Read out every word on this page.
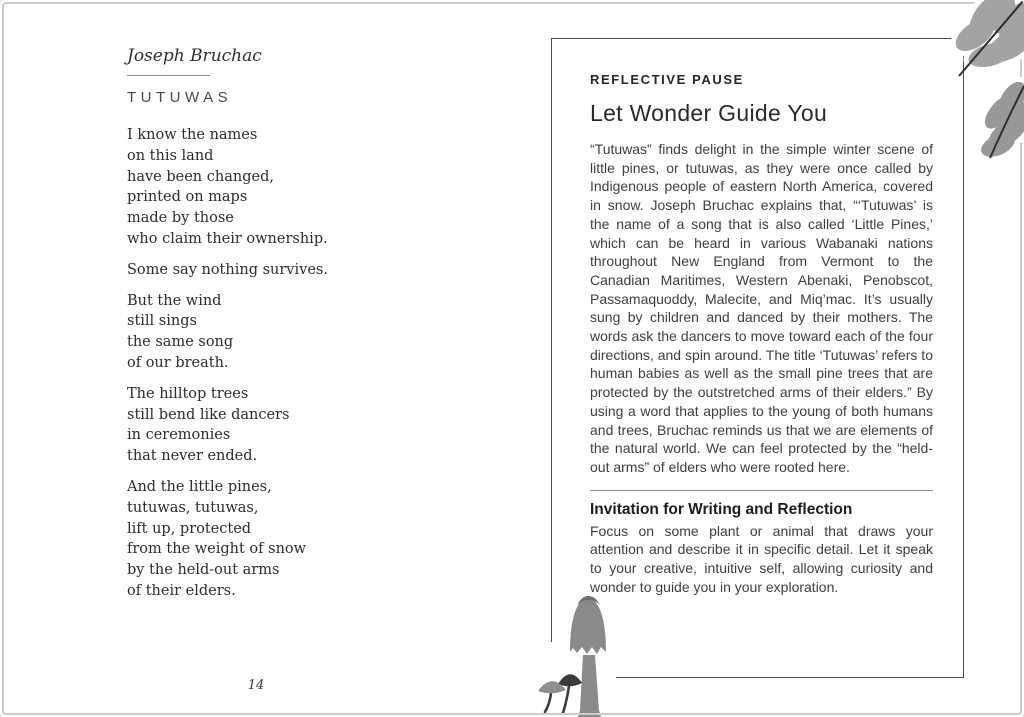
Joseph Bruchac
TUTUWAS
I know the names
on this land
have been changed,
printed on maps
made by those
who claim their ownership.
Some say nothing survives.
But the wind
still sings
the same song
of our breath.
The hilltop trees
still bend like dancers
in ceremonies
that never ended.
And the little pines,
tutuwas, tutuwas,
lift up, protected
from the weight of snow
by the held-out arms
of their elders.
14
REFLECTIVE PAUSE
Let Wonder Guide You

“Tutuwas” finds delight in the simple winter scene of little pines, or tutuwas, as they were once called by Indigenous people of eastern North America, covered in snow. Joseph Bruchac explains that, “‘Tutuwas’ is the name of a song that is also called ‘Little Pines,’ which can be heard in various Wabanaki nations throughout New England from Vermont to the Canadian Maritimes, Western Abenaki, Penobscot, Passamaquoddy, Malecite, and Miq’mac. It’s usually sung by children and danced by their mothers. The words ask the dancers to move toward each of the four directions, and spin around. The title ‘Tutuwas’ refers to human babies as well as the small pine trees that are protected by the outstretched arms of their elders.” By using a word that applies to the young of both humans and trees, Bruchac reminds us that we are elements of the natural world. We can feel protected by the “held-out arms” of elders who were rooted here.

Invitation for Writing and Reflection

Focus on some plant or animal that draws your attention and describe it in specific detail. Let it speak to your creative, intuitive self, allowing curiosity and wonder to guide you in your exploration.
